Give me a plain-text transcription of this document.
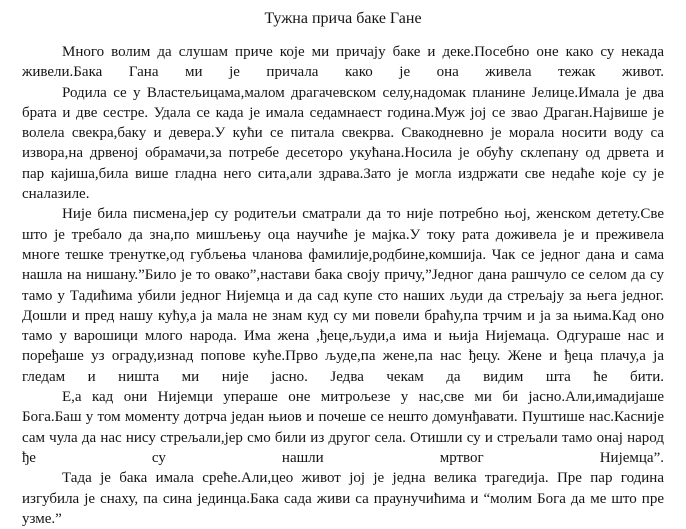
Тужна прича баке Гане
Много волим да слушам приче које ми причају баке и деке.Посебно оне како су некада
живели.Бака Гана ми је причала како је она живела тежак живот.
Родила се у Властељицама,малом драгачевском селу,надомак планине Јелице.Имала је два
брата и две сестре. Удала се када је имала седамнаест година.Муж јој се звао Драган.Највише је
волела свекра,баку и девера.У кући се питала свекрва. Свакодневно је морала носити воду са
извора,на дрвеној обрамачи,за потребе десеторо укућана.Носила је обућу склепану од дрвета и
пар кајиша,била више гладна него сита,али здрава.Зато је могла издржати све недаће које су је
сналазиле.
Није била писмена,јер су родитељи сматрали да то није потребно њој, женском детету.Све
што је требало да зна,по мишљењу оца научиће је мајка.У току рата доживела је и преживела
многе тешке тренутке,од губљења чланова фамилије,родбине,комшија. Чак се једног дана и сама
нашла на нишану.”Било је то овако”,настави бака своју причу,”Једног дана рашчуло се селом да су
тамо у Тадићима убили једног Нијемца и да сад купе сто наших људи да стрељају за њега једног.
Дошли и пред нашу кућу,а ја мала не знам куд су ми повели браћу,па трчим и ја за њима.Кад оно
тамо у варошици млого народа. Има жена ,ђеце,људи,а има и њија Нијемаца. Одгураше нас и
поређаше уз ограду,изнад попове куће.Прво људе,па жене,па нас ђецу. Жене и ђеца плачу,а ја
гледам и ништа ми није јасно. Једва чекам да видим шта ће бити.
Е,а кад они Нијемци упераше оне митрољезе у нас,све ми би јасно.Али,имадијаше
Бога.Баш у том моменту дотрча један њиов и почеше се нешто домунђавати. Пуштише нас.Касније
сам чула да нас нису стрељали,јер смо били из другог села. Отишли су и стрељали тамо онај народ
ђе су нашли мртвог Нијемца”.
Тада је бака имала среће.Али,цео живот јој је једна велика трагедија. Пре пар година
изгубила је снаху, па сина јединца.Бака сада живи са праунучићима и “молим Бога да ме што пре
узме.”
